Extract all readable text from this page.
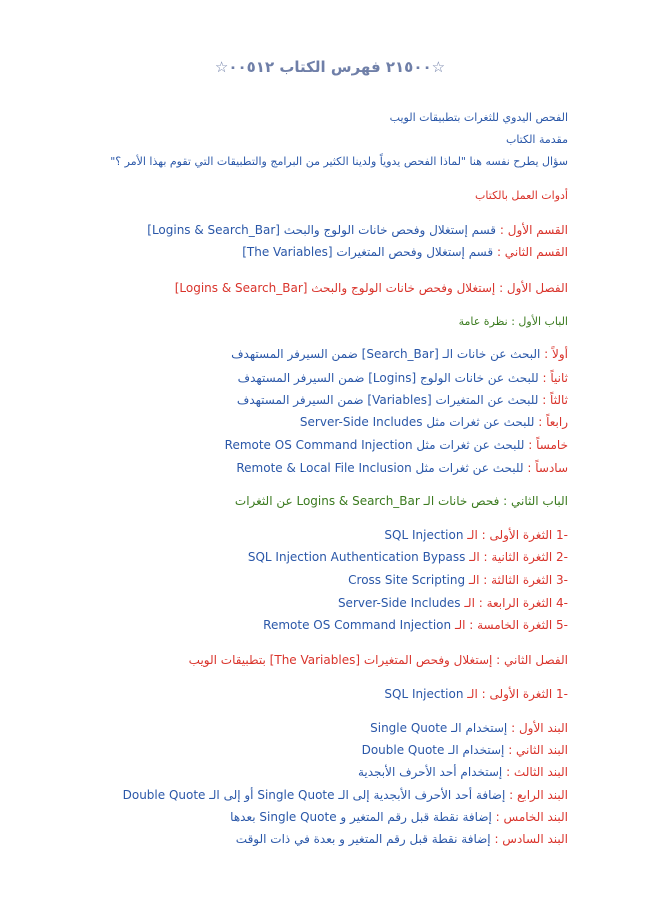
☆٢١٥٠٠ فهرس الكتاب ٠٠٥١٢☆
الفحص اليدوي للثغرات بتطبيقات الويب
مقدمة الكتاب
سؤال يطرح نفسه هنا "لماذا الفحص يدوياً ولدينا الكثير من البرامج والتطبيقات التي تقوم بهذا الأمر ؟"
أدوات العمل بالكتاب
القسم الأول : قسم إستغلال وفحص خانات الولوج والبحث [Logins & Search_Bar]
القسم الثاني : قسم إستغلال وفحص المتغيرات [The Variables]
الفصل الأول : إستغلال وفحص خانات الولوج والبحث [Logins & Search_Bar]
الباب الأول : نظرة عامة
أولاً : البحث عن خانات الـ [Search_Bar] ضمن السيرفر المستهدف
ثانياً : للبحث عن خانات الولوج [Logins] ضمن السيرفر المستهدف
ثالثاً : للبحث عن المتغيرات [Variables] ضمن السيرفر المستهدف
رابعاً : للبحث عن ثغرات مثل Server-Side Includes
خامساً : للبحث عن ثغرات مثل Remote OS Command Injection
سادساً : للبحث عن ثغرات مثل Remote & Local File Inclusion
الباب الثاني : فحص خانات الـ Logins & Search_Bar عن الثغرات
-1 الثغرة الأولى : الـ SQL Injection
-2 الثغرة الثانية : الـ SQL Injection Authentication Bypass
-3 الثغرة الثالثة : الـ Cross Site Scripting
-4 الثغرة الرابعة : الـ Server-Side Includes
-5 الثغرة الخامسة : الـ Remote OS Command Injection
الفصل الثاني : إستغلال وفحص المتغيرات [The Variables] بتطبيقات الويب
-1 الثغرة الأولى : الـ SQL Injection
البند الأول : إستخدام الـ Single Quote
البند الثاني : إستخدام الـ Double Quote
البند الثالث : إستخدام أحد الأحرف الأبجدية
البند الرابع : إضافة أحد الأحرف الأبجدية إلى الـ Single Quote أو إلى الـ Double Quote
البند الخامس : إضافة نقطة قبل رقم المتغير و Single Quote بعدها
البند السادس : إضافة نقطة قبل رقم المتغير و بعدة في ذات الوقت
